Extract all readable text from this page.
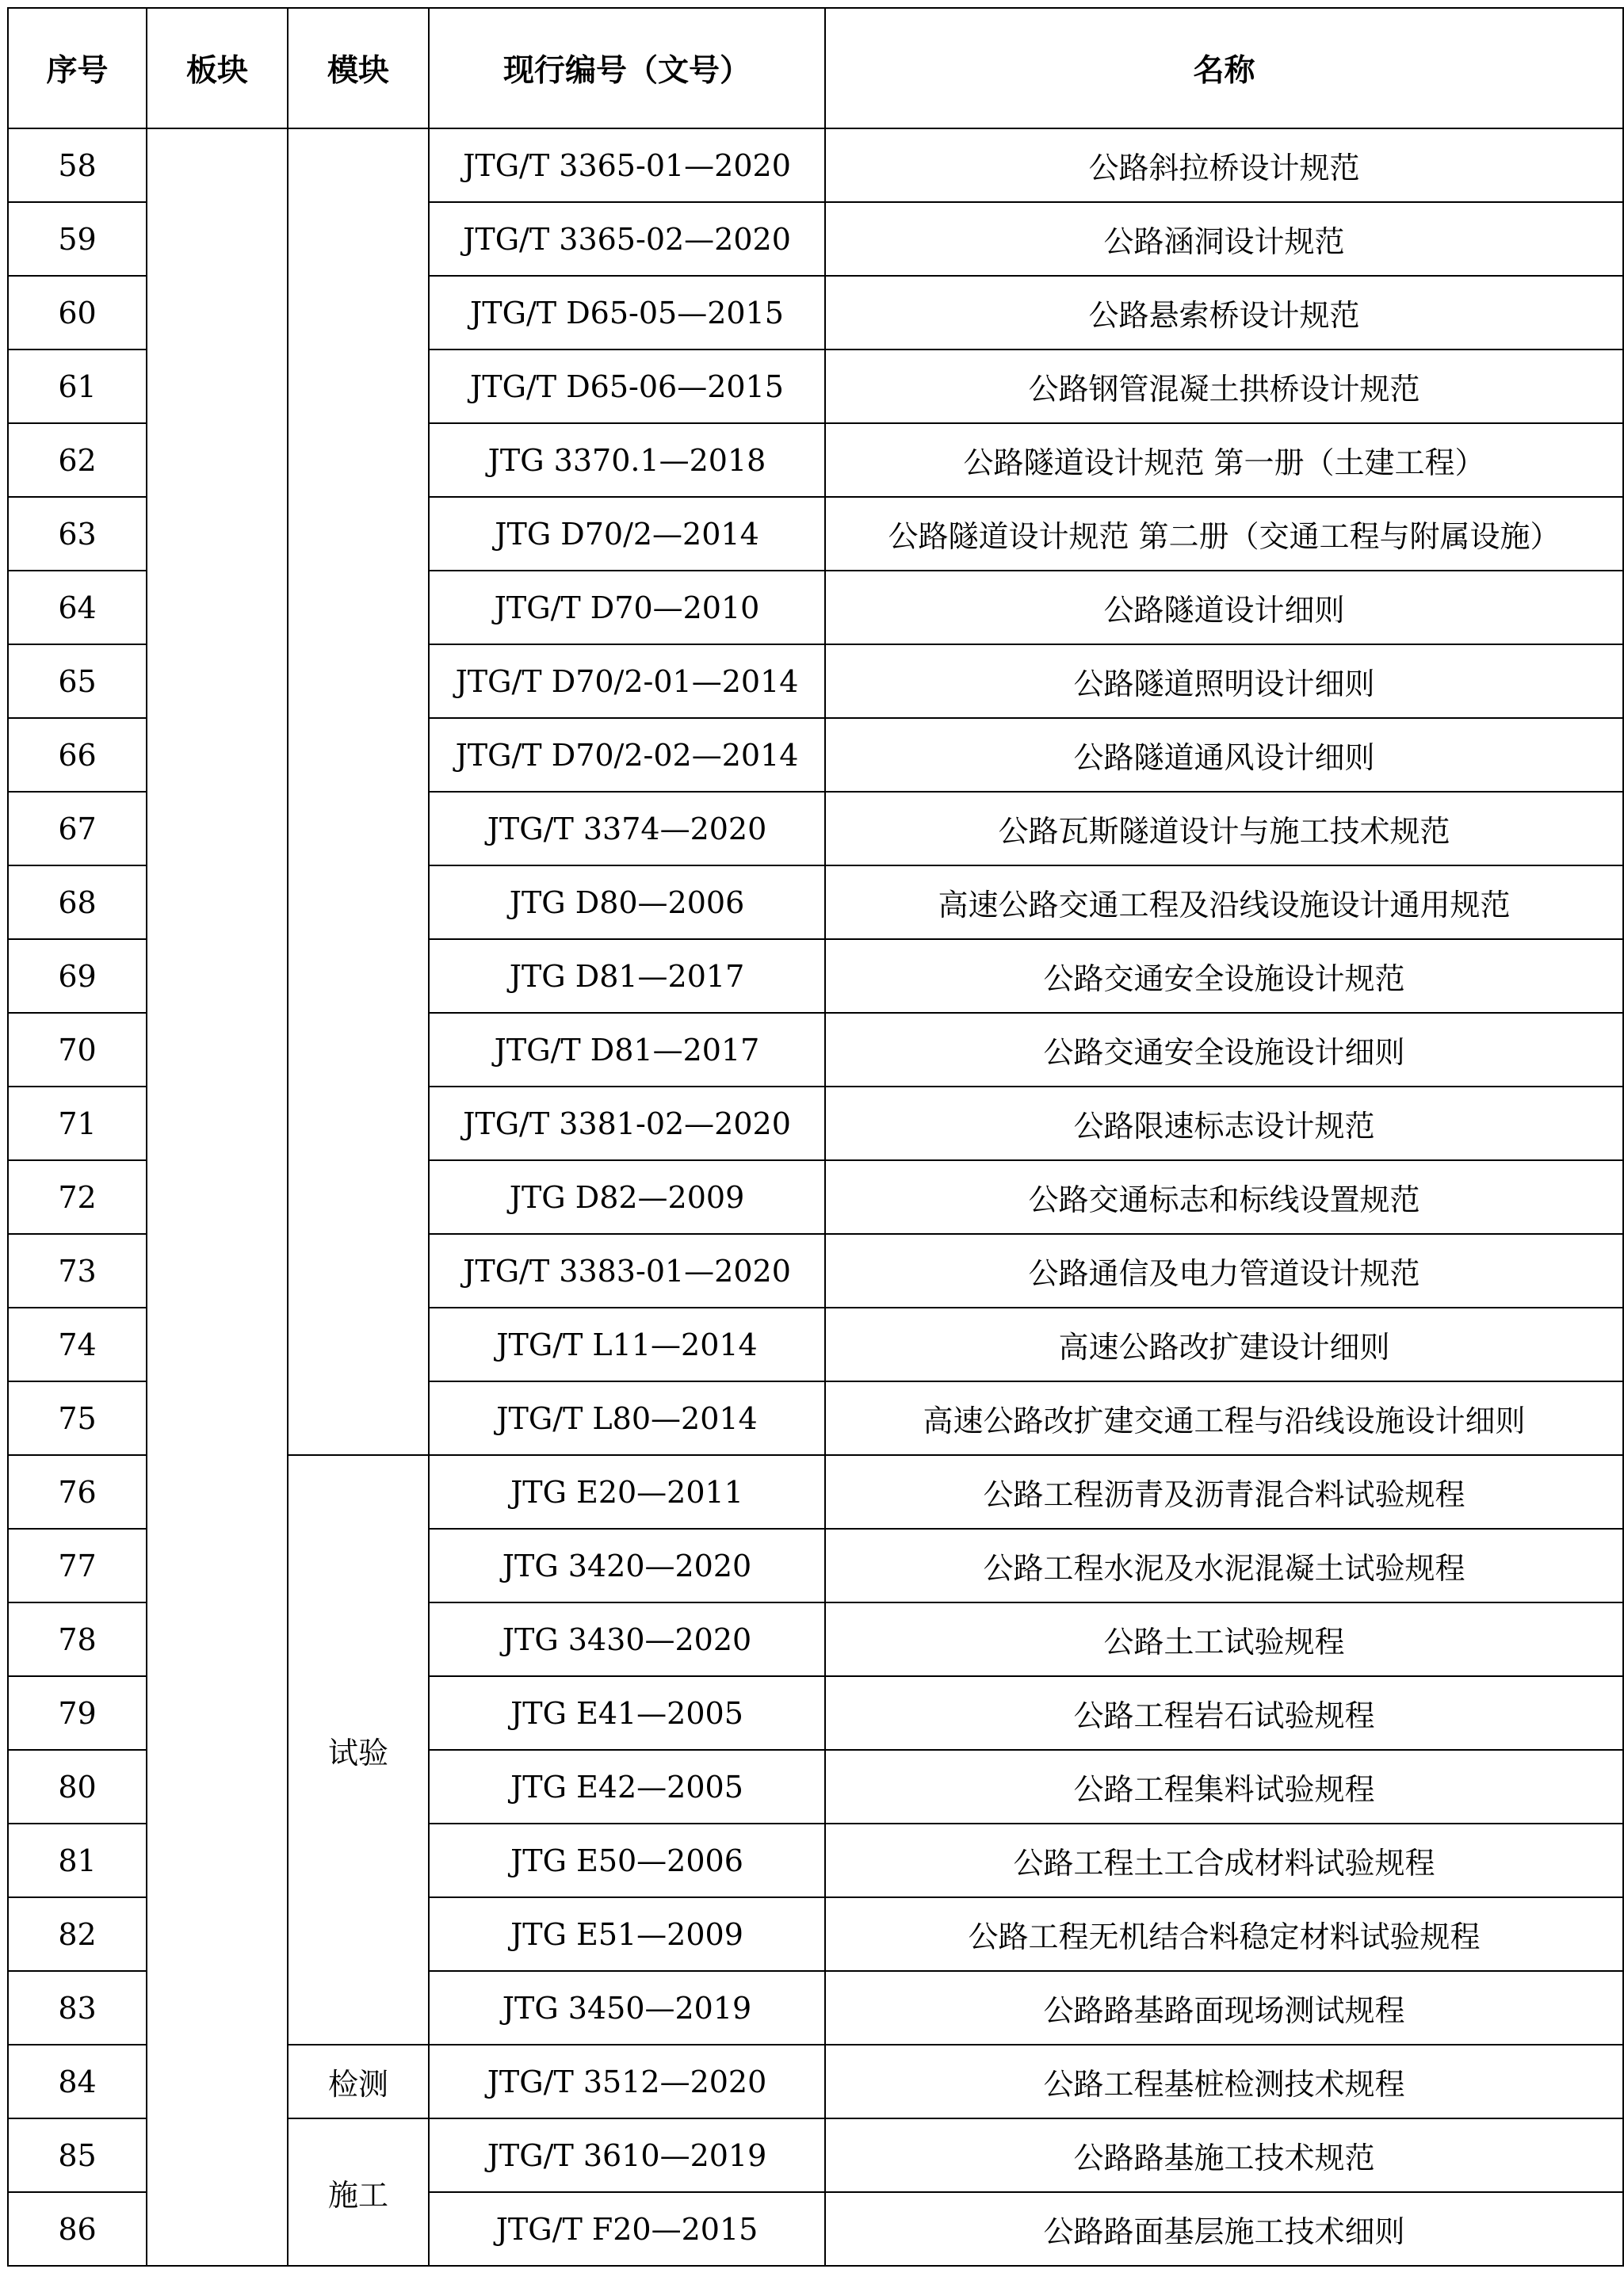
序号	板块	模块	现行编号（文号）	名称
58			JTG/T 3365-01—2020	公路斜拉桥设计规范
59			JTG/T 3365-02—2020	公路涵洞设计规范
60			JTG/T D65-05—2015	公路悬索桥设计规范
61			JTG/T D65-06—2015	公路钢管混凝土拱桥设计规范
62			JTG 3370.1—2018	公路隧道设计规范 第一册（土建工程）
63			JTG D70/2—2014	公路隧道设计规范 第二册（交通工程与附属设施）
64			JTG/T D70—2010	公路隧道设计细则
65			JTG/T D70/2-01—2014	公路隧道照明设计细则
66			JTG/T D70/2-02—2014	公路隧道通风设计细则
67			JTG/T 3374—2020	公路瓦斯隧道设计与施工技术规范
68			JTG D80—2006	高速公路交通工程及沿线设施设计通用规范
69			JTG D81—2017	公路交通安全设施设计规范
70			JTG/T D81—2017	公路交通安全设施设计细则
71			JTG/T 3381-02—2020	公路限速标志设计规范
72			JTG D82—2009	公路交通标志和标线设置规范
73			JTG/T 3383-01—2020	公路通信及电力管道设计规范
74			JTG/T L11—2014	高速公路改扩建设计细则
75			JTG/T L80—2014	高速公路改扩建交通工程与沿线设施设计细则
76		试验	JTG E20—2011	公路工程沥青及沥青混合料试验规程
77			JTG 3420—2020	公路工程水泥及水泥混凝土试验规程
78			JTG 3430—2020	公路土工试验规程
79			JTG E41—2005	公路工程岩石试验规程
80			JTG E42—2005	公路工程集料试验规程
81			JTG E50—2006	公路工程土工合成材料试验规程
82			JTG E51—2009	公路工程无机结合料稳定材料试验规程
83			JTG 3450—2019	公路路基路面现场测试规程
84		检测	JTG/T 3512—2020	公路工程基桩检测技术规程
85		施工	JTG/T 3610—2019	公路路基施工技术规范
86			JTG/T F20—2015	公路路面基层施工技术细则
